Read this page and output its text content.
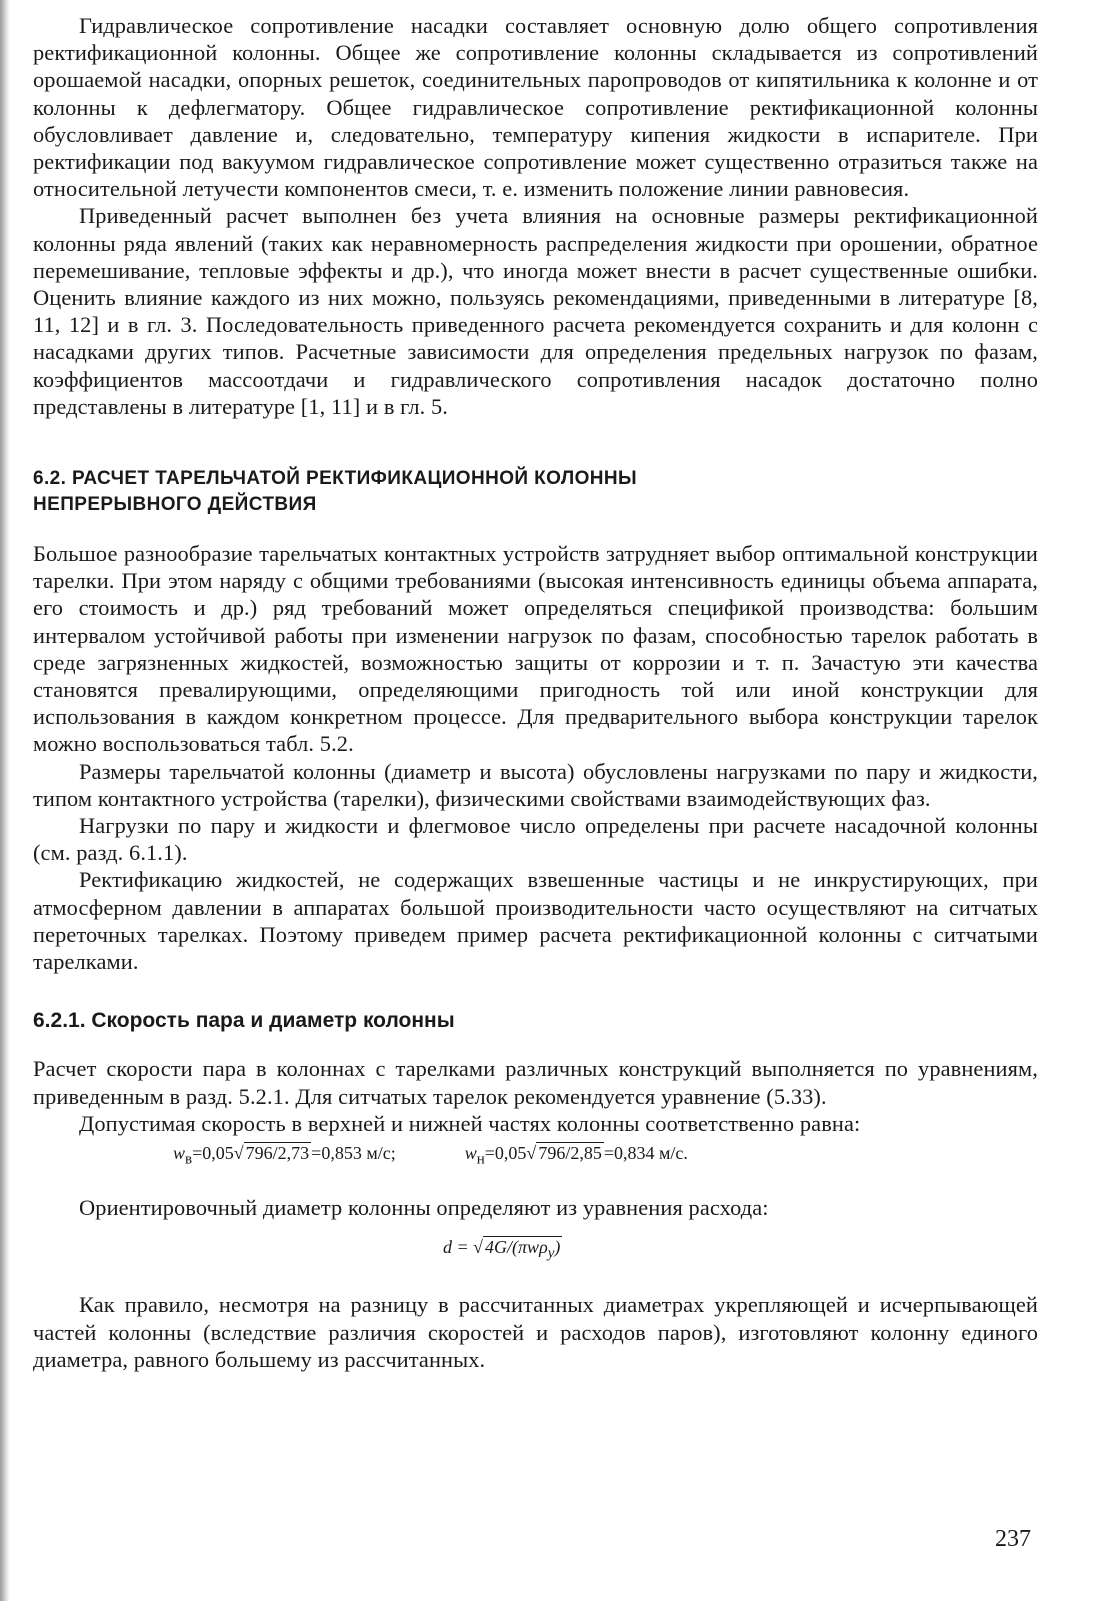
Гидравлическое сопротивление насадки составляет основную долю общего сопротивления ректификационной колонны. Общее же сопротивление колонны складывается из сопротивлений орошаемой насадки, опорных решеток, соединительных паропроводов от кипятильника к колонне и от колонны к дефлегматору. Общее гидравлическое сопротивление ректификационной колонны обусловливает давление и, следовательно, температуру кипения жидкости в испарителе. При ректификации под вакуумом гидравлическое сопротивление может существенно отразиться также на относительной летучести компонентов смеси, т. е. изменить положение линии равновесия.

Приведенный расчет выполнен без учета влияния на основные размеры ректификационной колонны ряда явлений (таких как неравномерность распределения жидкости при орошении, обратное перемешивание, тепловые эффекты и др.), что иногда может внести в расчет существенные ошибки. Оценить влияние каждого из них можно, пользуясь рекомендациями, приведенными в литературе [8, 11, 12] и в гл. 3. Последовательность приведенного расчета рекомендуется сохранить и для колонн с насадками других типов. Расчетные зависимости для определения предельных нагрузок по фазам, коэффициентов массоотдачи и гидравлического сопротивления насадок достаточно полно представлены в литературе [1, 11] и в гл. 5.

6.2. РАСЧЕТ ТАРЕЛЬЧАТОЙ РЕКТИФИКАЦИОННОЙ КОЛОННЫ
НЕПРЕРЫВНОГО ДЕЙСТВИЯ

Большое разнообразие тарельчатых контактных устройств затрудняет выбор оптимальной конструкции тарелки. При этом наряду с общими требованиями (высокая интенсивность единицы объема аппарата, его стоимость и др.) ряд требований может определяться спецификой производства: большим интервалом устойчивой работы при изменении нагрузок по фазам, способностью тарелок работать в среде загрязненных жидкостей, возможностью защиты от коррозии и т. п. Зачастую эти качества становятся превалирующими, определяющими пригодность той или иной конструкции для использования в каждом конкретном процессе. Для предварительного выбора конструкции тарелок можно воспользоваться табл. 5.2.

Размеры тарельчатой колонны (диаметр и высота) обусловлены нагрузками по пару и жидкости, типом контактного устройства (тарелки), физическими свойствами взаимодействующих фаз.

Нагрузки по пару и жидкости и флегмовое число определены при расчете насадочной колонны (см. разд. 6.1.1).

Ректификацию жидкостей, не содержащих взвешенные частицы и не инкрустирующих, при атмосферном давлении в аппаратах большой производительности часто осуществляют на ситчатых переточных тарелках. Поэтому приведем пример расчета ректификационной колонны с ситчатыми тарелками.

6.2.1. Скорость пара и диаметр колонны

Расчет скорости пара в колоннах с тарелками различных конструкций выполняется по уравнениям, приведенным в разд. 5.2.1. Для ситчатых тарелок рекомендуется уравнение (5.33).

Допустимая скорость в верхней и нижней частях колонны соответственно равна:

$w_в=0,05√$ 796/2,73 =0,853 м/с;	$w_н=0,05√$ 796/2,85 =0,834 м/с.

Ориентировочный диаметр колонны определяют из уравнения расхода:

d = √ 4G/(πwρ$_y$)

Как правило, несмотря на разницу в рассчитанных диаметрах укрепляющей и исчерпывающей частей колонны (вследствие различия скоростей и расходов паров), изготовляют колонну единого диаметра, равного большему из рассчитанных.

237
